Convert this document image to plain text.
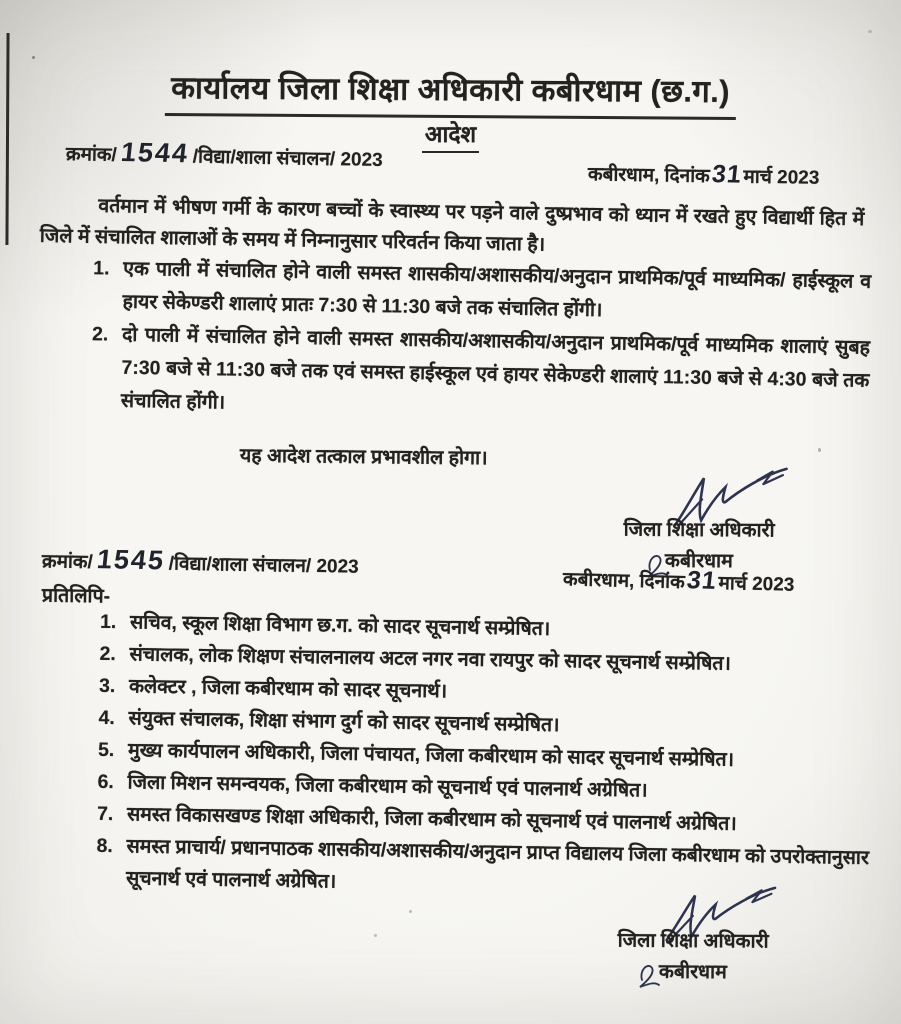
कार्यालय जिला शिक्षा अधिकारी कबीरधाम (छ.ग.)
आदेश
क्रमांक/ 1544 /विद्या/शाला संचालन/ 2023
कबीरधाम, दिनांक 31 मार्च 2023
वर्तमान में भीषण गर्मी के कारण बच्चों के स्वास्थ्य पर पड़ने वाले दुष्प्रभाव को ध्यान में रखते हुए विद्यार्थी हित में जिले में संचालित शालाओं के समय में निम्नानुसार परिवर्तन किया जाता है।
1. एक पाली में संचालित होने वाली समस्त शासकीय/अशासकीय/अनुदान प्राथमिक/पूर्व माध्यमिक/ हाईस्कूल व हायर सेकेण्डरी शालाएं प्रातः 7:30 से 11:30 बजे तक संचालित होंगी।
2. दो पाली में संचालित होने वाली समस्त शासकीय/अशासकीय/अनुदान प्राथमिक/पूर्व माध्यमिक शालाएं सुबह 7:30 बजे से 11:30 बजे तक एवं समस्त हाईस्कूल एवं हायर सेकेण्डरी शालाएं 11:30 बजे से 4:30 बजे तक संचालित होंगी।
यह आदेश तत्काल प्रभावशील होगा।
जिला शिक्षा अधिकारी
कबीरधाम
क्रमांक/ 1545 /विद्या/शाला संचालन/ 2023
कबीरधाम, दिनांक 31 मार्च 2023
प्रतिलिपि-
1. सचिव, स्कूल शिक्षा विभाग छ.ग. को सादर सूचनार्थ सम्प्रेषित।
2. संचालक, लोक शिक्षण संचालनालय अटल नगर नवा रायपुर को सादर सूचनार्थ सम्प्रेषित।
3. कलेक्टर , जिला कबीरधाम को सादर सूचनार्थ।
4. संयुक्त संचालक, शिक्षा संभाग दुर्ग को सादर सूचनार्थ सम्प्रेषित।
5. मुख्य कार्यपालन अधिकारी, जिला पंचायत, जिला कबीरधाम को सादर सूचनार्थ सम्प्रेषित।
6. जिला मिशन समन्वयक, जिला कबीरधाम को सूचनार्थ एवं पालनार्थ अग्रेषित।
7. समस्त विकासखण्ड शिक्षा अधिकारी, जिला कबीरधाम को सूचनार्थ एवं पालनार्थ अग्रेषित।
8. समस्त प्राचार्य/ प्रधानपाठक शासकीय/अशासकीय/अनुदान प्राप्त विद्यालय जिला कबीरधाम को उपरोक्तानुसार सूचनार्थ एवं पालनार्थ अग्रेषित।
जिला शिक्षा अधिकारी
कबीरधाम
